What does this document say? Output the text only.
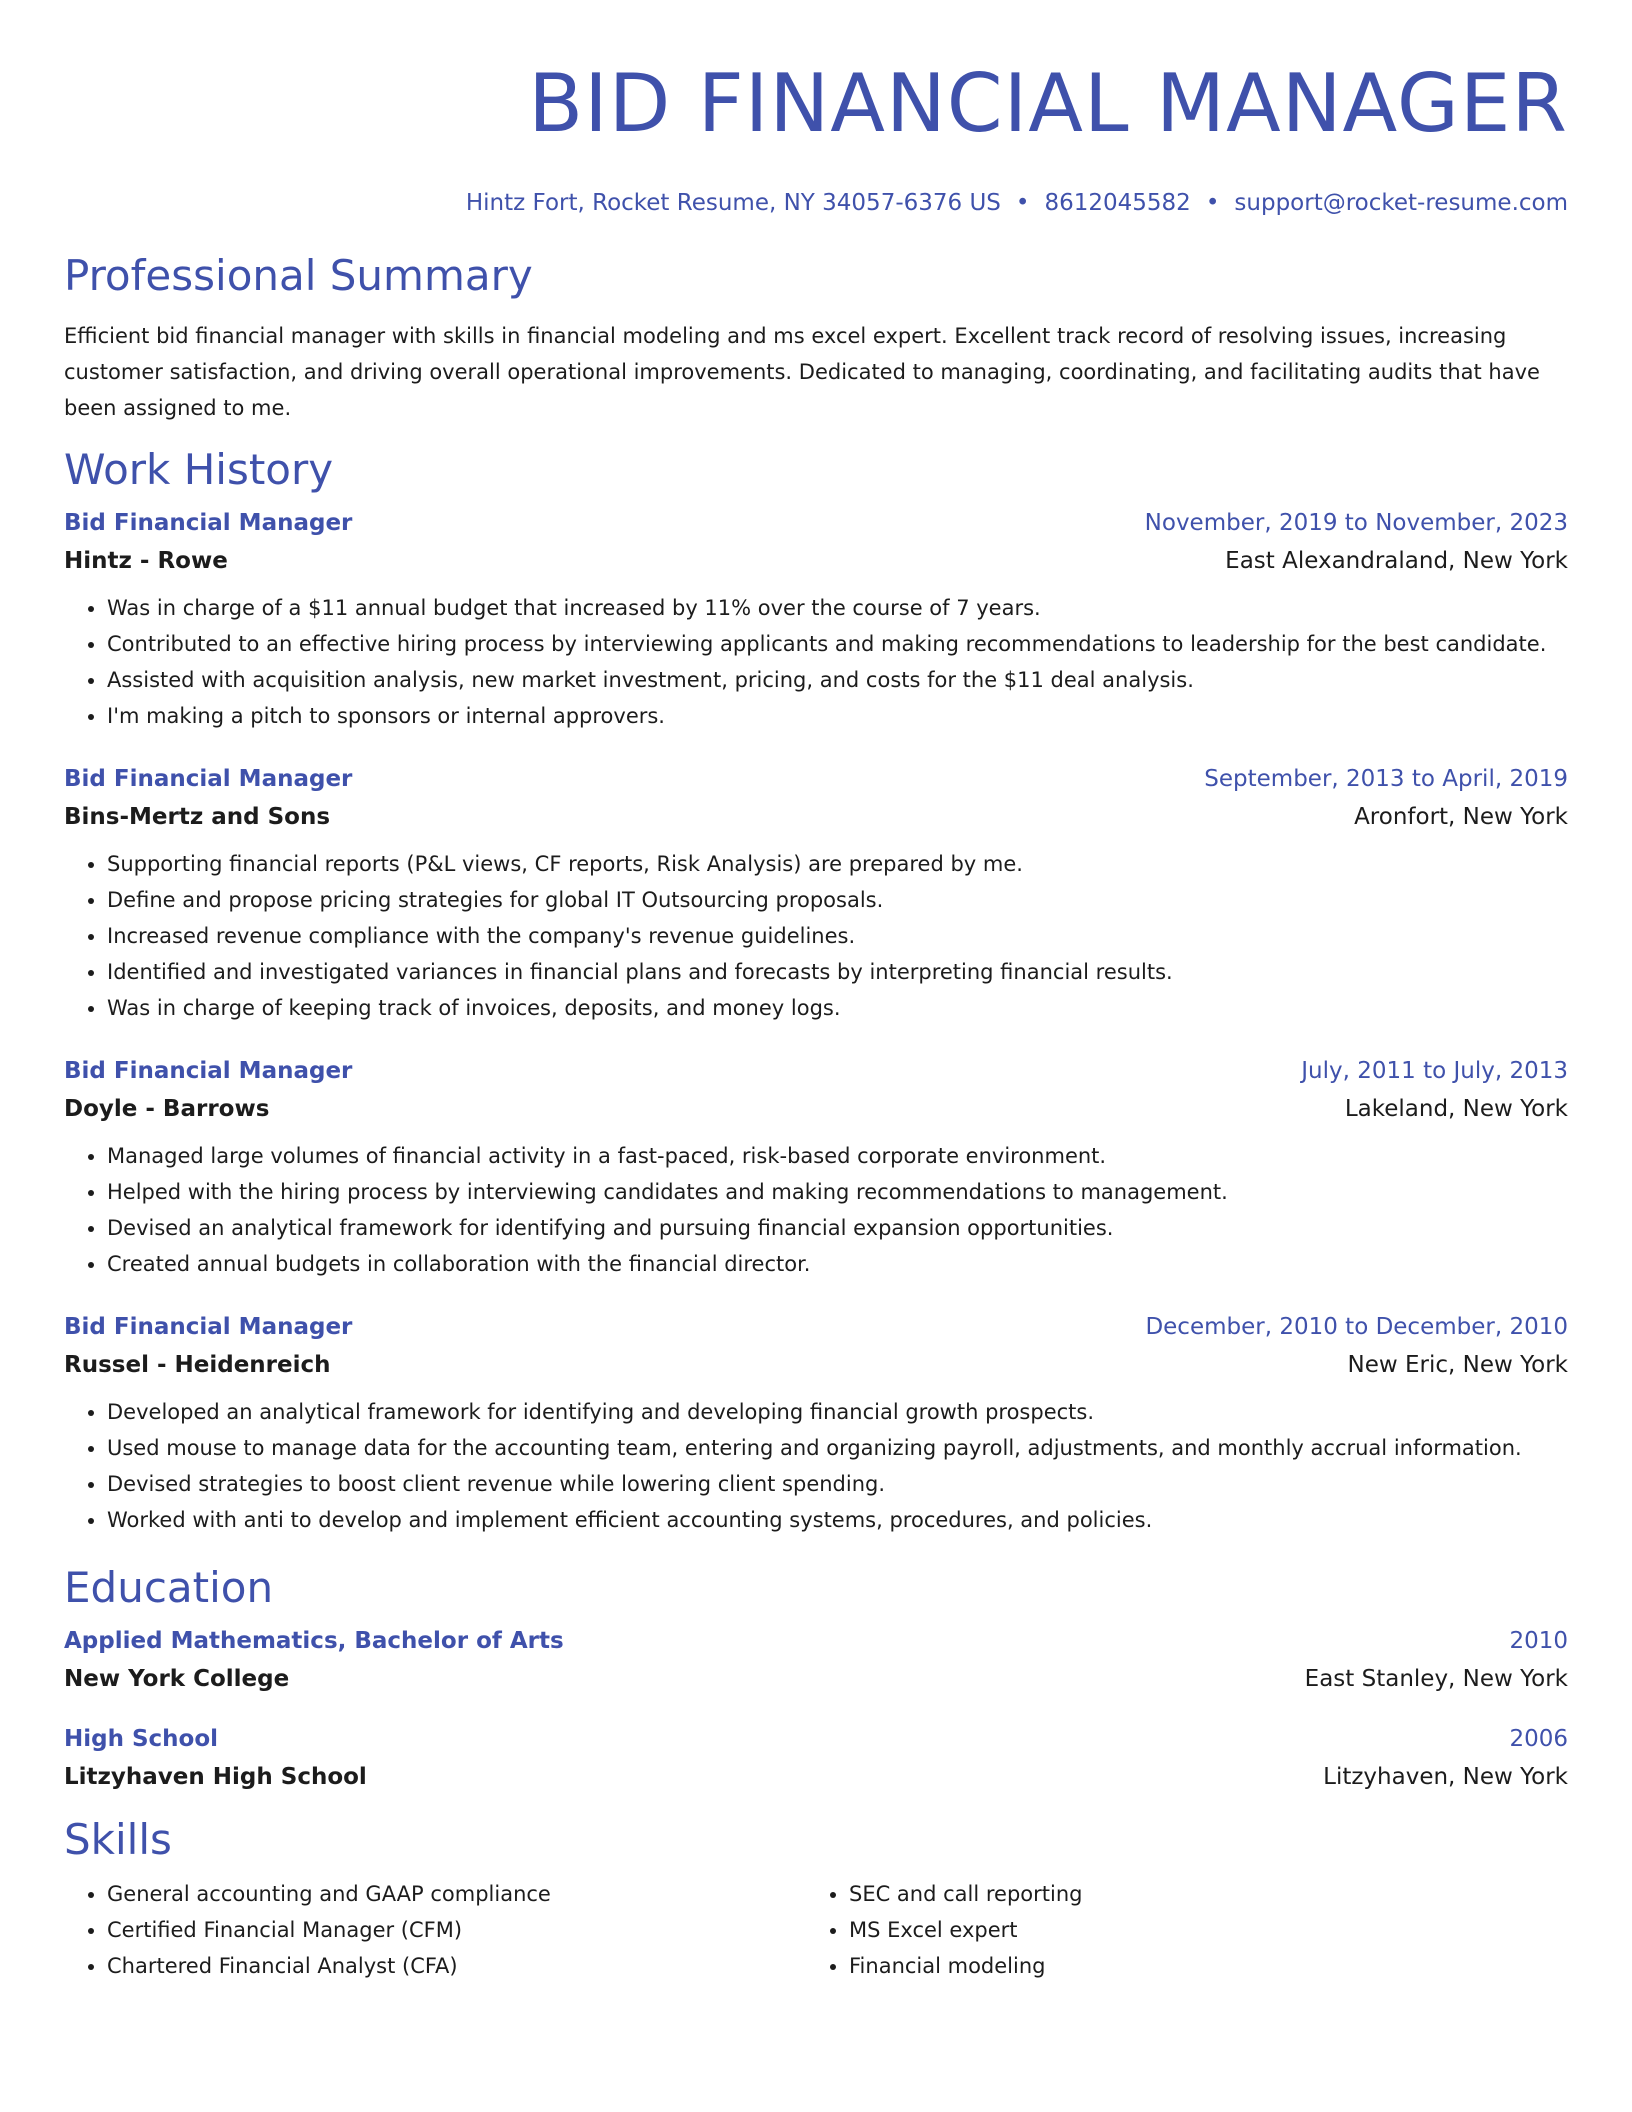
BID FINANCIAL MANAGER
Hintz Fort, Rocket Resume, NY 34057-6376 US • 8612045582 • support@rocket-resume.com
Professional Summary

Efficient bid financial manager with skills in financial modeling and ms excel expert. Excellent track record of resolving issues, increasing customer satisfaction, and driving overall operational improvements. Dedicated to managing, coordinating, and facilitating audits that have been assigned to me.

Work History
Bid Financial Manager	November, 2019 to November, 2023
Hintz - Rowe	East Alexandraland, New York
• Was in charge of a $11 annual budget that increased by 11% over the course of 7 years.
• Contributed to an effective hiring process by interviewing applicants and making recommendations to leadership for the best candidate.
• Assisted with acquisition analysis, new market investment, pricing, and costs for the $11 deal analysis.
• I'm making a pitch to sponsors or internal approvers.
Bid Financial Manager	September, 2013 to April, 2019
Bins-Mertz and Sons	Aronfort, New York
• Supporting financial reports (P&L views, CF reports, Risk Analysis) are prepared by me.
• Define and propose pricing strategies for global IT Outsourcing proposals.
• Increased revenue compliance with the company's revenue guidelines.
• Identified and investigated variances in financial plans and forecasts by interpreting financial results.
• Was in charge of keeping track of invoices, deposits, and money logs.
Bid Financial Manager	July, 2011 to July, 2013
Doyle - Barrows	Lakeland, New York
• Managed large volumes of financial activity in a fast-paced, risk-based corporate environment.
• Helped with the hiring process by interviewing candidates and making recommendations to management.
• Devised an analytical framework for identifying and pursuing financial expansion opportunities.
• Created annual budgets in collaboration with the financial director.
Bid Financial Manager	December, 2010 to December, 2010
Russel - Heidenreich	New Eric, New York
• Developed an analytical framework for identifying and developing financial growth prospects.
• Used mouse to manage data for the accounting team, entering and organizing payroll, adjustments, and monthly accrual information.
• Devised strategies to boost client revenue while lowering client spending.
• Worked with anti to develop and implement efficient accounting systems, procedures, and policies.
Education
Applied Mathematics, Bachelor of Arts	2010
New York College	East Stanley, New York
High School	2006
Litzyhaven High School	Litzyhaven, New York
Skills
• General accounting and GAAP compliance
• Certified Financial Manager (CFM)
• Chartered Financial Analyst (CFA)
• SEC and call reporting
• MS Excel expert
• Financial modeling
